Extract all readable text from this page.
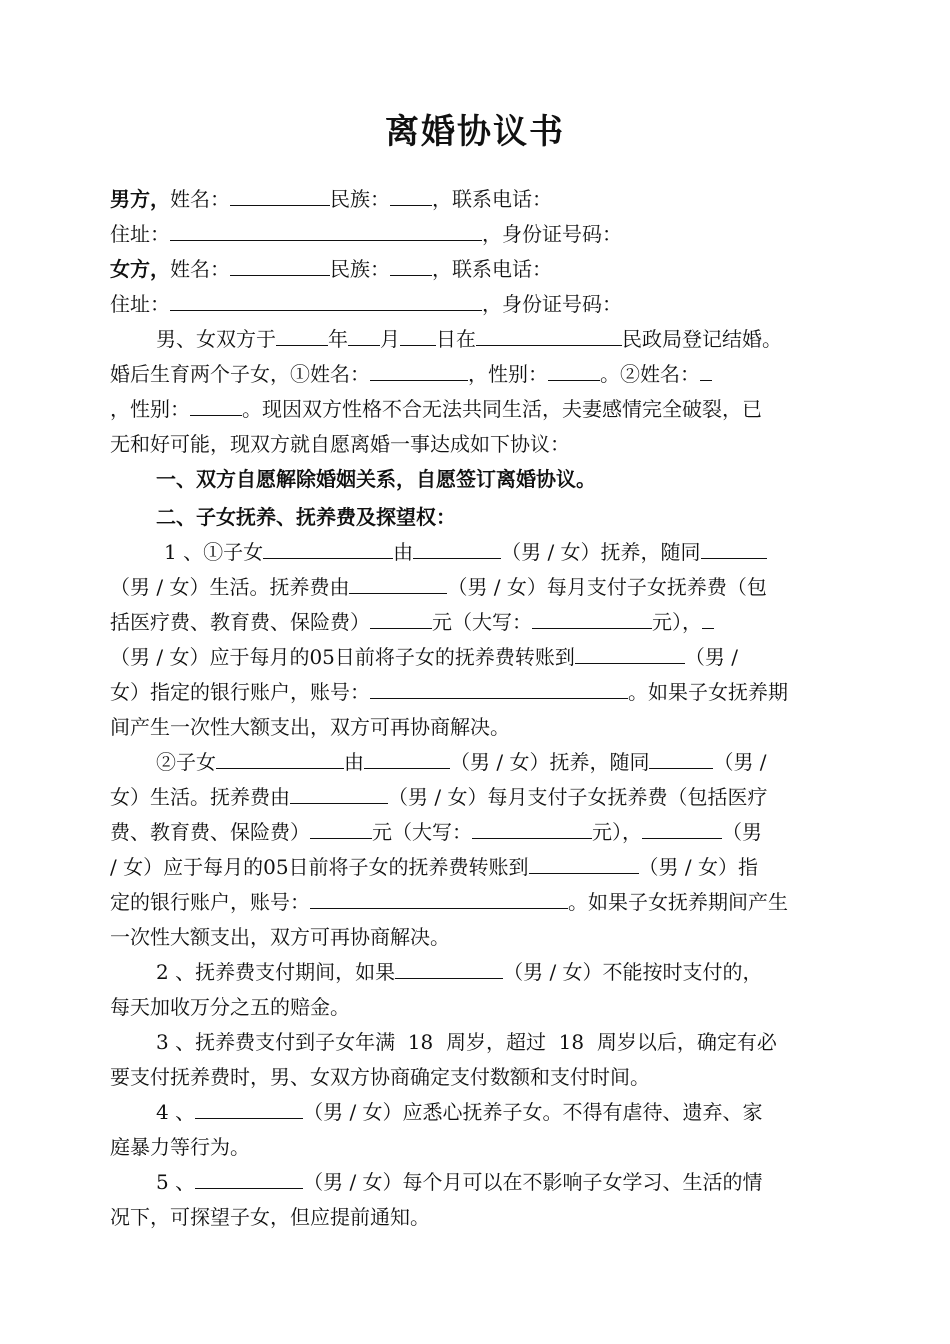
离婚协议书

男方，姓名：	民族： ，联系电话：

住址：	，身份证号码：

女方，姓名：	民族： ，联系电话：

住址：	，身份证号码：

男、女双方于	年 月 日在	民政局登记结婚。

婚后生育两个子女，①姓名：	，性别：	。②姓名：

，性别：	。现因双方性格不合无法共同生活，夫妻感情完全破裂，已

无和好可能，现双方就自愿离婚一事达成如下协议：

一、双方自愿解除婚姻关系，自愿签订离婚协议。

二、子女抚养、抚养费及探望权：

1 、①子女	由	（男 / 女）抚养，随同

（男 / 女）生活。抚养费由	（男 / 女）每月支付子女抚养费（包

括医疗费、教育费、保险费）	元（大写：	元），

（男 / 女）应于每月的05日前将子女的抚养费转账到	（男 /

女）指定的银行账户，账号：	。如果子女抚养期

间产生一次性大额支出，双方可再协商解决。

②子女	由	（男 / 女）抚养，随同	（男 /

女）生活。抚养费由	（男 / 女）每月支付子女抚养费（包括医疗

费、教育费、保险费）	元（大写：	元），	（男

/ 女）应于每月的05日前将子女的抚养费转账到	（男 / 女）指

定的银行账户，账号：	。如果子女抚养期间产生

一次性大额支出，双方可再协商解决。

2 、抚养费支付期间，如果	（男 / 女）不能按时支付的，

每天加收万分之五的赔金。

3 、抚养费支付到子女年满  18  周岁，超过  18  周岁以后，确定有必

要支付抚养费时，男、女双方协商确定支付数额和支付时间。

4 、	（男 / 女）应悉心抚养子女。不得有虐待、遗弃、家

庭暴力等行为。

5 、	（男 / 女）每个月可以在不影响子女学习、生活的情

况下，可探望子女，但应提前通知。
